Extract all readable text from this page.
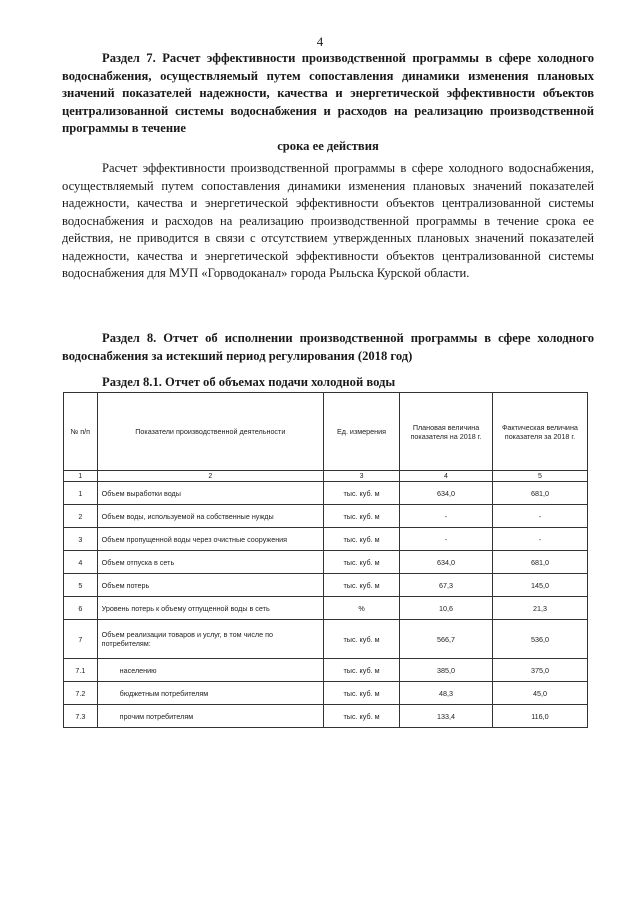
4
Раздел 7. Расчет эффективности производственной программы в сфере холодного водоснабжения, осуществляемый путем сопоставления динамики изменения плановых значений показателей надежности, качества и энергетической эффективности объектов централизованной системы водоснабжения и расходов на реализацию производственной программы в течение
срока ее действия
Расчет эффективности производственной программы в сфере холодного водоснабжения, осуществляемый путем сопоставления динамики изменения плановых значений показателей надежности, качества и энергетической эффективности объектов централизованной системы водоснабжения и расходов на реализацию производственной программы в течение срока ее действия, не приводится в связи с отсутствием утвержденных плановых значений показателей надежности, качества и энергетической эффективности объектов централизованной системы водоснабжения для МУП «Горводоканал» города Рыльска Курской области.
Раздел 8. Отчет об исполнении производственной программы в сфере холодного водоснабжения за истекший период регулирования (2018 год)
Раздел 8.1. Отчет об объемах подачи холодной воды
№ п/п	Показатели производственной деятельности	Ед. измерения	Плановая величина показателя на 2018 г.	Фактическая величина показателя за 2018 г.
1	2	3	4	5
1	Объем выработки воды	тыс. куб. м	634,0	681,0
2	Объем воды, используемой на собственные нужды	тыс. куб. м	-	-
3	Объем пропущенной воды через очистные сооружения	тыс. куб. м	-	-
4	Объем отпуска в сеть	тыс. куб. м	634,0	681,0
5	Объем потерь	тыс. куб. м	67,3	145,0
6	Уровень потерь к объему отпущенной воды в сеть	%	10,6	21,3
7	Объем реализации товаров и услуг, в том числе по потребителям:	тыс. куб. м	566,7	536,0
7.1	населению	тыс. куб. м	385,0	375,0
7.2	бюджетным потребителям	тыс. куб. м	48,3	45,0
7.3	прочим потребителям	тыс. куб. м	133,4	116,0
